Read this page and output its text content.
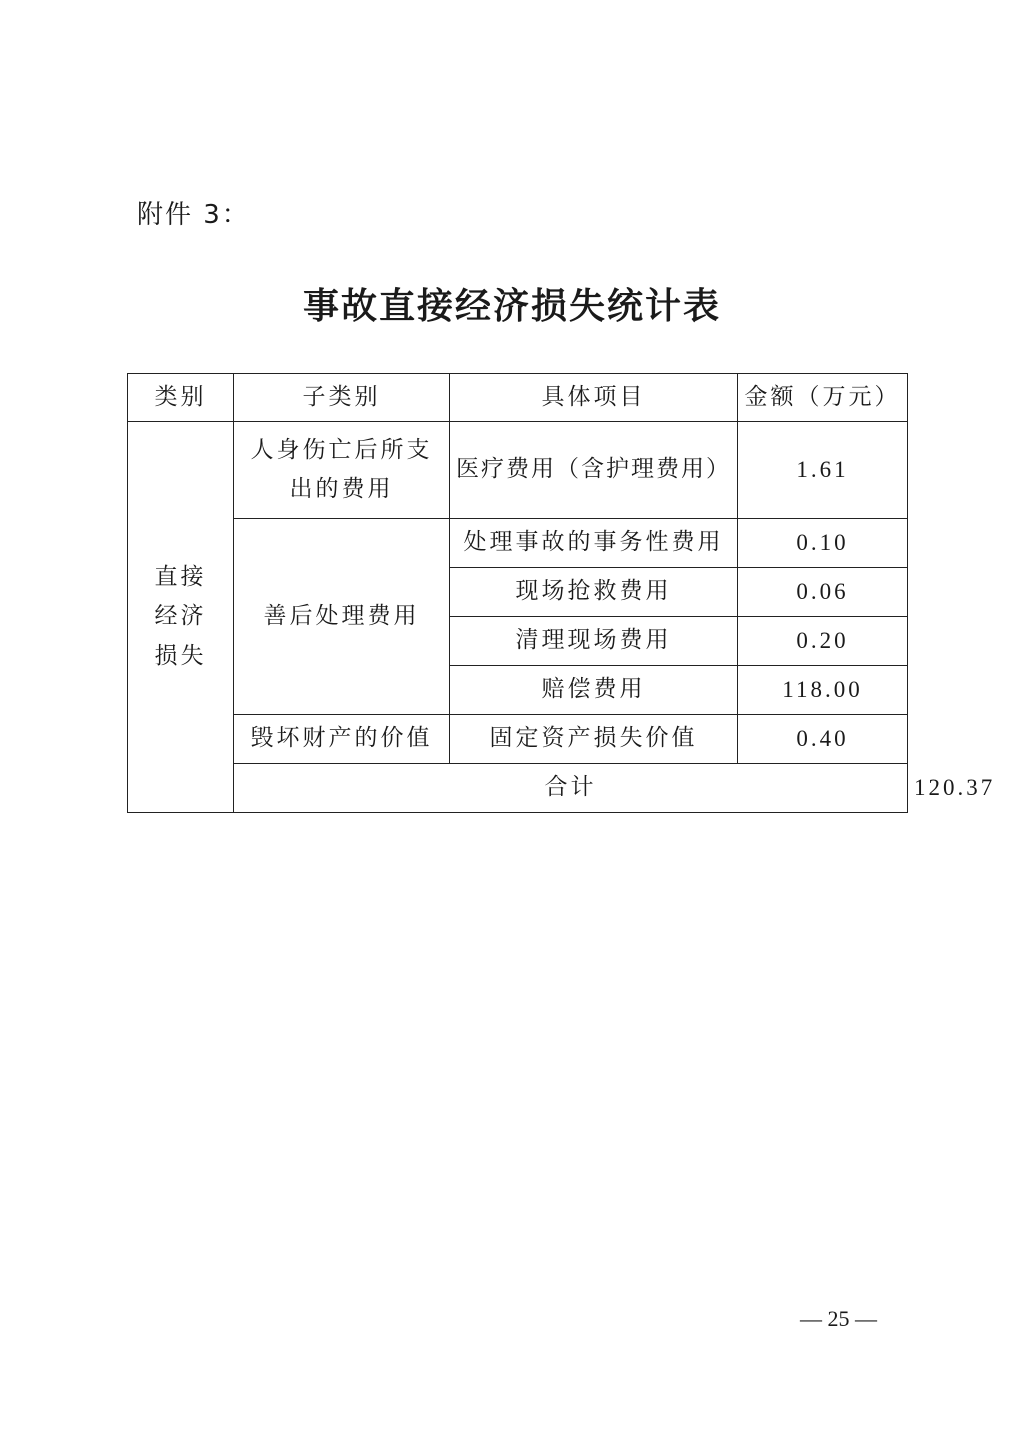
附件 3：
事故直接经济损失统计表
类别	子类别	具体项目	金额（万元）	
直接经济损失	人身伤亡后所支出的费用	医疗费用（含护理费用）	1.61	
	善后处理费用	处理事故的事务性费用	0.10	
		现场抢救费用	0.06	
		清理现场费用	0.20	
		赔偿费用	118.00	
	毁坏财产的价值	固定资产损失价值	0.40	
	合计			120.37
— 25 —
